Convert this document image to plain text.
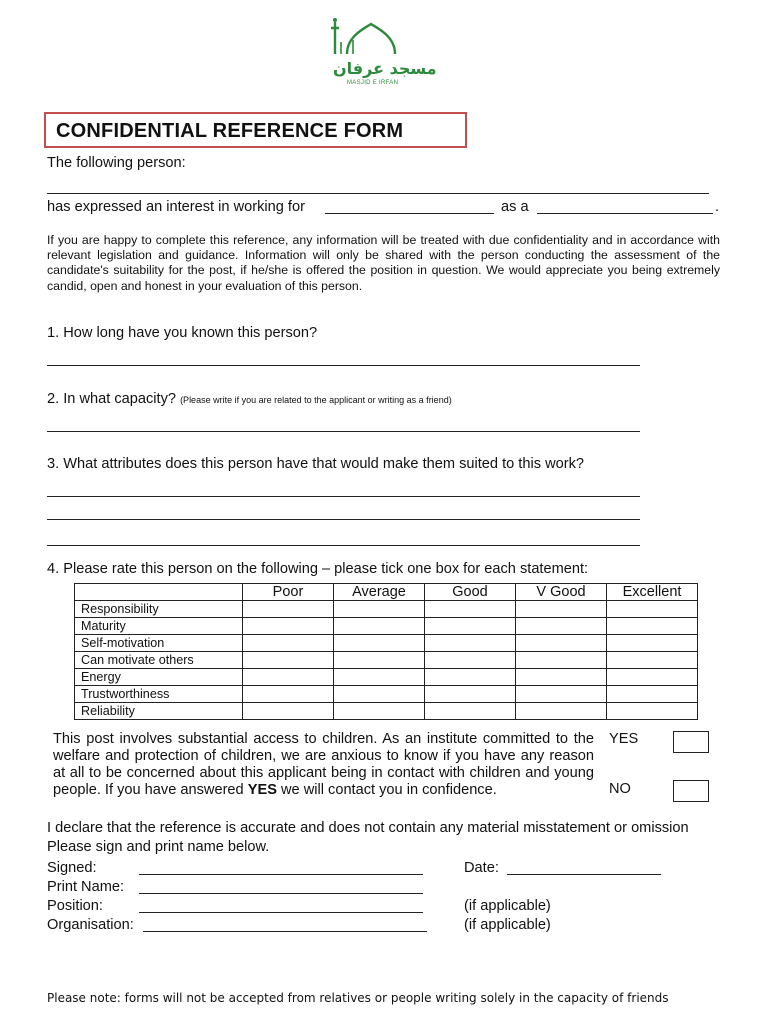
مسجد عرفان
MASJID E IRFAN
CONFIDENTIAL REFERENCE FORM
The following person:
has expressed an interest in working for	as a	.
If you are happy to complete this reference, any information will be treated with due confidentiality and in accordance with relevant legislation and guidance. Information will only be shared with the person conducting the assessment of the candidate's suitability for the post, if he/she is offered the position in question. We would appreciate you being extremely candid, open and honest in your evaluation of this person.
1. How long have you known this person?
2. In what capacity? (Please write if you are related to the applicant or writing as a friend)
3. What attributes does this person have that would make them suited to this work?
4. Please rate this person on the following – please tick one box for each statement:
	Poor	Average	Good	V Good	Excellent
Responsibility					
Maturity					
Self-motivation					
Can motivate others					
Energy					
Trustworthiness					
Reliability					
This post involves substantial access to children. As an institute committed to the welfare and protection of children, we are anxious to know if you have any reason at all to be concerned about this applicant being in contact with children and young people. If you have answered YES we will contact you in confidence.
YES
NO
I declare that the reference is accurate and does not contain any material misstatement or omission
Please sign and print name below.
Signed:	Date:
Print Name:
Position:	(if applicable)
Organisation:	(if applicable)
Please note: forms will not be accepted from relatives or people writing solely in the capacity of friends
